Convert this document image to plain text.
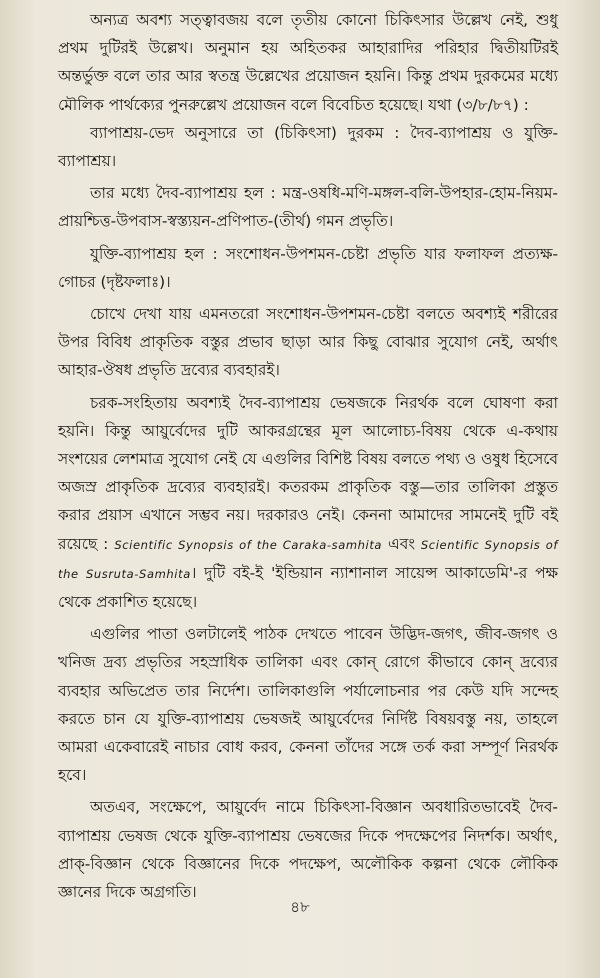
অন্যত্র অবশ্য সত্ত্বাবজয় বলে তৃতীয় কোনো চিকিৎসার উল্লেখ নেই, শুধু প্রথম দুটিরই উল্লেখ। অনুমান হয় অহিতকর আহারাদির পরিহার দ্বিতীয়টিরই অন্তর্ভুক্ত বলে তার আর স্বতন্ত্র উল্লেখের প্রয়োজন হয়নি। কিন্তু প্রথম দুরকমের মধ্যে মৌলিক পার্থক্যের পুনরুল্লেখ প্রয়োজন বলে বিবেচিত হয়েছে। যথা (৩/৮/৮৭) :

ব্যাপাশ্রয়-ভেদ অনুসারে তা (চিকিৎসা) দুরকম : দৈব-ব্যাপাশ্রয় ও যুক্তি-ব্যাপাশ্রয়।

তার মধ্যে দৈব-ব্যাপাশ্রয় হল : মন্ত্র-ওষধি-মণি-মঙ্গল-বলি-উপহার-হোম-নিয়ম-প্রায়শ্চিত্ত-উপবাস-স্বস্ত্যয়ন-প্রণিপাত-(তীর্থ) গমন প্রভৃতি।

যুক্তি-ব্যাপাশ্রয় হল : সংশোধন-উপশমন-চেষ্টা প্রভৃতি যার ফলাফল প্রত্যক্ষ-গোচর (দৃষ্টফলাঃ)।

চোখে দেখা যায় এমনতরো সংশোধন-উপশমন-চেষ্টা বলতে অবশ্যই শরীরের উপর বিবিধ প্রাকৃতিক বস্তুর প্রভাব ছাড়া আর কিছু বোঝার সুযোগ নেই, অর্থাৎ আহার-ঔষধ প্রভৃতি দ্রব্যের ব্যবহারই।

চরক-সংহিতায় অবশ্যই দৈব-ব্যাপাশ্রয় ভেষজকে নিরর্থক বলে ঘোষণা করা হয়নি। কিন্তু আয়ুর্বেদের দুটি আকরগ্রন্থের মূল আলোচ্য-বিষয় থেকে এ-কথায় সংশয়ের লেশমাত্র সুযোগ নেই যে এগুলির বিশিষ্ট বিষয় বলতে পথ্য ও ওষুধ হিসেবে অজস্র প্রাকৃতিক দ্রব্যের ব্যবহারই। কতরকম প্রাকৃতিক বস্তু—তার তালিকা প্রস্তুত করার প্রয়াস এখানে সম্ভব নয়। দরকারও নেই। কেননা আমাদের সামনেই দুটি বই রয়েছে : Scientific Synopsis of the Caraka-samhita এবং Scientific Synopsis of the Susruta-Samhita। দুটি বই-ই 'ইন্ডিয়ান ন্যাশানাল সায়েন্স আকাডেমি'-র পক্ষ থেকে প্রকাশিত হয়েছে।

এগুলির পাতা ওলটালেই পাঠক দেখতে পাবেন উদ্ভিদ-জগৎ, জীব-জগৎ ও খনিজ দ্রব্য প্রভৃতির সহস্রাধিক তালিকা এবং কোন্ রোগে কীভাবে কোন্ দ্রব্যের ব্যবহার অভিপ্রেত তার নির্দেশ। তালিকাগুলি পর্যালোচনার পর কেউ যদি সন্দেহ করতে চান যে যুক্তি-ব্যাপাশ্রয় ভেষজই আয়ুর্বেদের নির্দিষ্ট বিষয়বস্তু নয়, তাহলে আমরা একেবারেই নাচার বোধ করব, কেননা তাঁদের সঙ্গে তর্ক করা সম্পূর্ণ নিরর্থক হবে।

অতএব, সংক্ষেপে, আয়ুর্বেদ নামে চিকিৎসা-বিজ্ঞান অবধারিতভাবেই দৈব-ব্যাপাশ্রয় ভেষজ থেকে যুক্তি-ব্যাপাশ্রয় ভেষজের দিকে পদক্ষেপের নিদর্শক। অর্থাৎ, প্রাক্-বিজ্ঞান থেকে বিজ্ঞানের দিকে পদক্ষেপ, অলৌকিক কল্পনা থেকে লৌকিক জ্ঞানের দিকে অগ্রগতি।

৪৮
